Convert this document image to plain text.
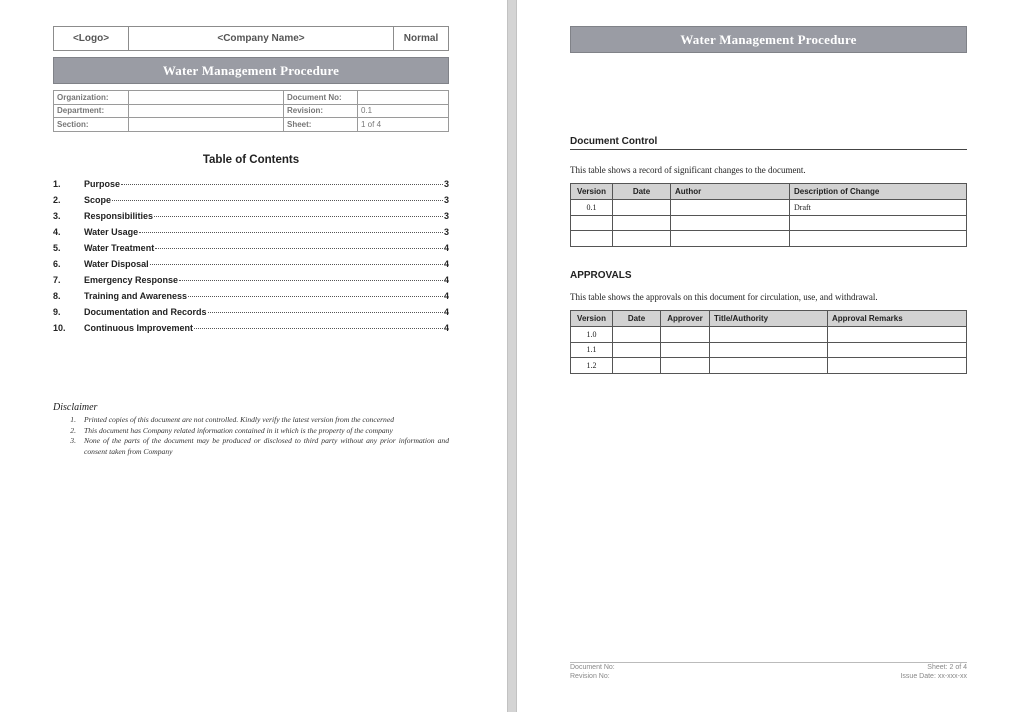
<Logo>	<Company Name>	Normal
Water Management Procedure
Organization:		Document No:	
Department:		Revision:	0.1
Section:		Sheet:	1 of 4
Table of Contents
1.	Purpose	3
2.	Scope	3
3.	Responsibilities	3
4.	Water Usage	3
5.	Water Treatment	4
6.	Water Disposal	4
7.	Emergency Response	4
8.	Training and Awareness	4
9.	Documentation and Records	4
10.	Continuous Improvement	4
Disclaimer
1.	Printed copies of this document are not controlled. Kindly verify the latest version from the concerned
2.	This document has Company related information contained in it which is the property of the company
3.	None of the parts of the document may be produced or disclosed to third party without any prior information and consent taken from Company
Water Management Procedure
Document Control
This table shows a record of significant changes to the document.
Version	Date	Author	Description of Change
0.1			Draft

APPROVALS
This table shows the approvals on this document for circulation, use, and withdrawal.
Version	Date	Approver	Title/Authority	Approval Remarks
1.0				
1.1				
1.2				
Document No:
Revision No:
Sheet: 2 of 4
Issue Date: xx-xxx-xx
